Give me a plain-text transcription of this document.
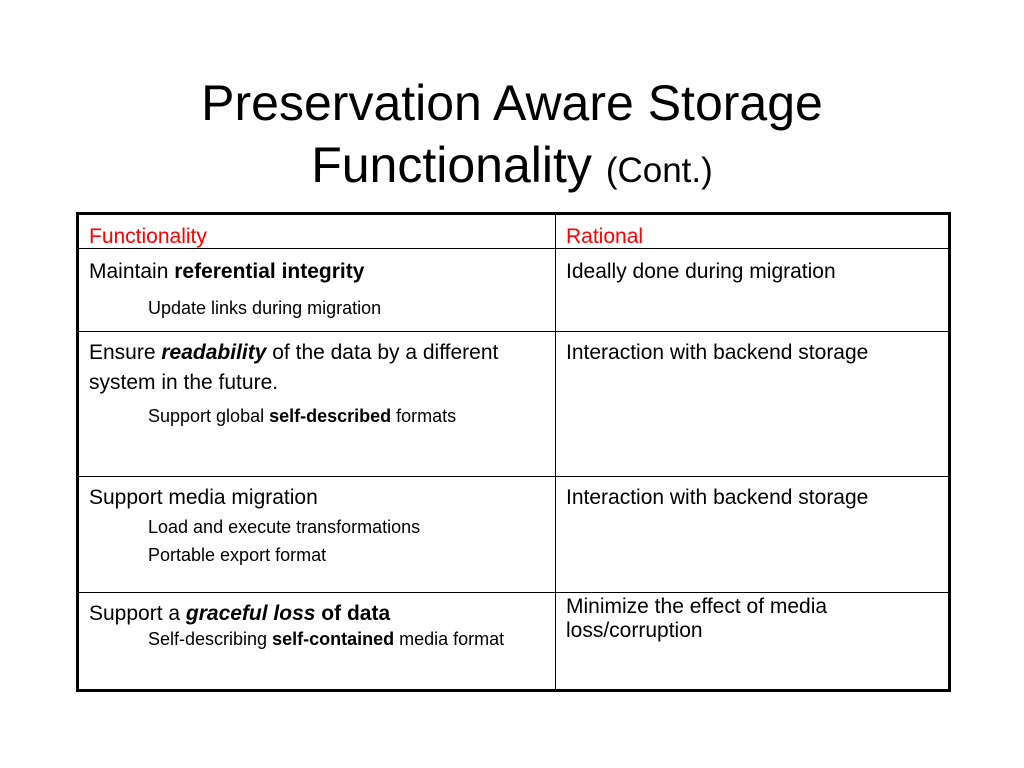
Preservation Aware Storage
Functionality (Cont.)
Functionality	Rational

Maintain referential integrity
Update links during migration	Ideally done during migration

Ensure readability of the data by a different system in the future.
Support global self-described formats	Interaction with backend storage

Support media migration
Load and execute transformations
Portable export format	Interaction with backend storage

Support a graceful loss of data
Self-describing self-contained media format	Minimize the effect of media loss/corruption
